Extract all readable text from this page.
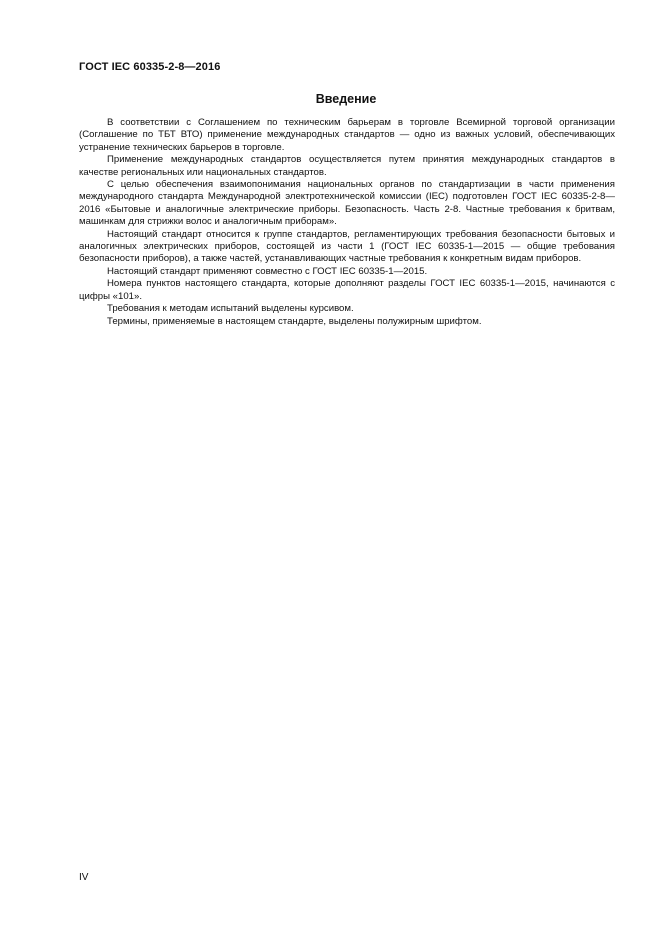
ГОСТ IEC 60335-2-8—2016
Введение

В соответствии с Соглашением по техническим барьерам в торговле Всемирной торговой организации (Соглашение по ТБТ ВТО) применение международных стандартов — одно из важных условий, обеспечивающих устранение технических барьеров в торговле.

Применение международных стандартов осуществляется путем принятия международных стандартов в качестве региональных или национальных стандартов.

С целью обеспечения взаимопонимания национальных органов по стандартизации в части применения международного стандарта Международной электротехнической комиссии (IEC) подготовлен ГОСТ IEC 60335-2-8—2016 «Бытовые и аналогичные электрические приборы. Безопасность. Часть 2-8. Частные требования к бритвам, машинкам для стрижки волос и аналогичным приборам».

Настоящий стандарт относится к группе стандартов, регламентирующих требования безопасности бытовых и аналогичных электрических приборов, состоящей из части 1 (ГОСТ IEC 60335-1—2015 — общие требования безопасности приборов), а также частей, устанавливающих частные требования к конкретным видам приборов.

Настоящий стандарт применяют совместно с ГОСТ IEC 60335-1—2015.

Номера пунктов настоящего стандарта, которые дополняют разделы ГОСТ IEC 60335-1—2015, начинаются с цифры «101».

Требования к методам испытаний выделены курсивом.

Термины, применяемые в настоящем стандарте, выделены полужирным шрифтом.

IV
